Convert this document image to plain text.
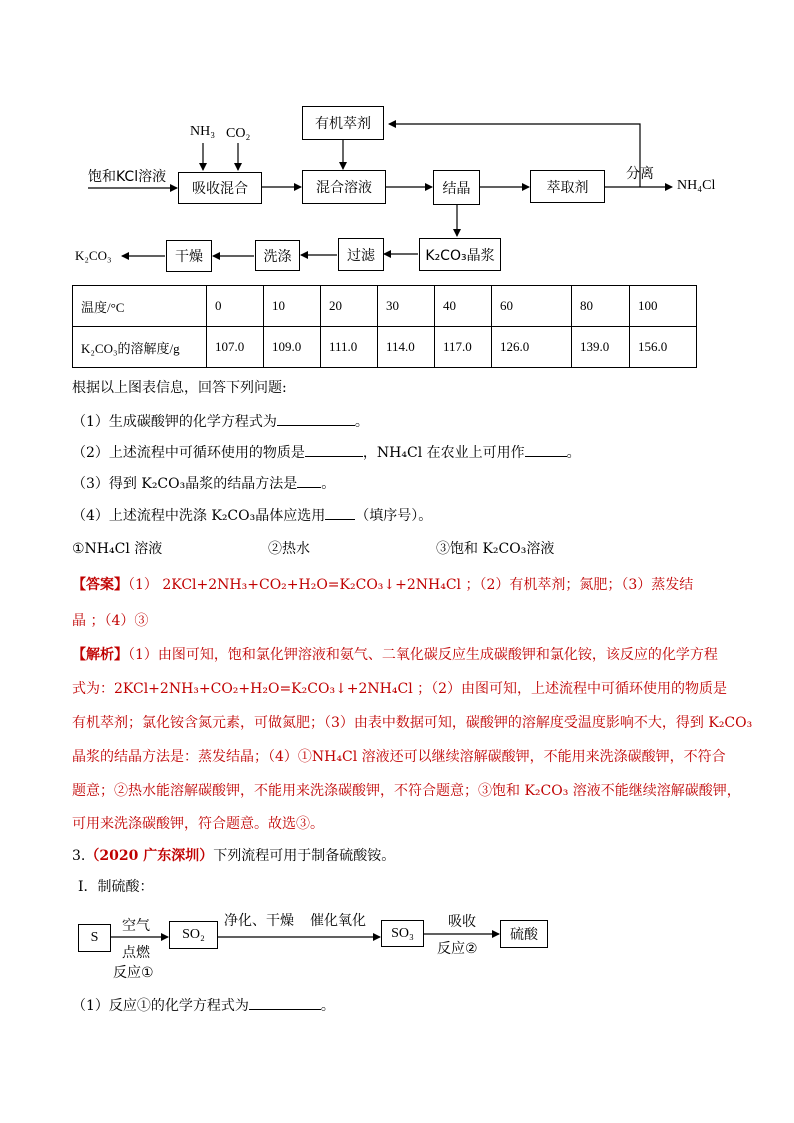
NH₃ CO₂
饱和KCl溶液
吸收混合
有机萃剂
混合溶液	结晶	萃取剂
分离
NH₄Cl
K₂CO₃晶浆
过滤
洗涤
干燥
K₂CO₃
温度/°C	0	10	20	30	40	60	80	100
K₂CO₃的溶解度/g	107.0	109.0	111.0	114.0	117.0	126.0	139.0	156.0
根据以上图表信息，回答下列问题:
（1）生成碳酸钾的化学方程式为	。
（2）上述流程中可循环使用的物质是	，NH₄Cl 在农业上可用作	。
（3）得到 K₂CO₃晶浆的结晶方法是 。
（4）上述流程中洗涤 K₂CO₃晶体应选用 （填序号）。
①NH₄Cl 溶液	②热水	③饱和 K₂CO₃溶液
【答案】（1） 2KCl+2NH₃+CO₂+H₂O=K₂CO₃↓+2NH₄Cl ；（2）有机萃剂；氮肥；（3）蒸发结
晶 ；（4）③
【解析】（1）由图可知，饱和氯化钾溶液和氨气、二氧化碳反应生成碳酸钾和氯化铵，该反应的化学方程
式为：2KCl+2NH₃+CO₂+H₂O=K₂CO₃↓+2NH₄Cl ；（2）由图可知，上述流程中可循环使用的物质是
有机萃剂；氯化铵含氮元素，可做氮肥；（3）由表中数据可知，碳酸钾的溶解度受温度影响不大，得到 K₂CO₃
晶浆的结晶方法是：蒸发结晶；（4）①NH₄Cl 溶液还可以继续溶解碳酸钾，不能用来洗涤碳酸钾，不符合
题意；②热水能溶解碳酸钾，不能用来洗涤碳酸钾，不符合题意；③饱和 K₂CO₃ 溶液不能继续溶解碳酸钾，
可用来洗涤碳酸钾，符合题意。故选③。
3.（2020 广东深圳）下列流程可用于制备硫酸铵。
I．制硫酸：
S
空气
点燃
反应①
SO₂
净化、干燥 催化氧化
SO₃
吸收
反应②
硫酸
（1）反应①的化学方程式为	。
